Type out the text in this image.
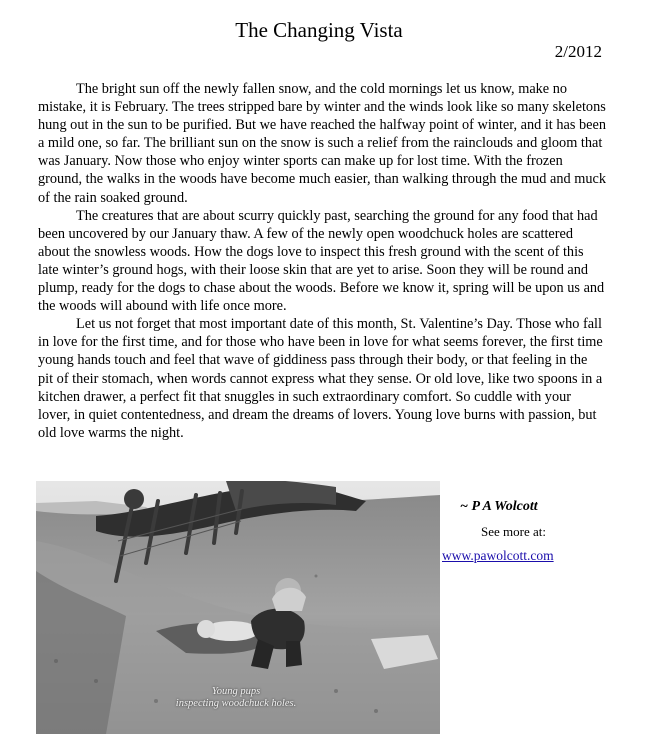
The Changing Vista
2/2012

The bright sun off the newly fallen snow, and the cold mornings let us know, make no mistake, it is February. The trees stripped bare by winter and the winds look like so many skeletons hung out in the sun to be purified. But we have reached the halfway point of winter, and it has been a mild one, so far. The brilliant sun on the snow is such a relief from the rainclouds and gloom that was January. Now those who enjoy winter sports can make up for lost time. With the frozen ground, the walks in the woods have become much easier, than walking through the mud and muck of the rain soaked ground.

The creatures that are about scurry quickly past, searching the ground for any food that had been uncovered by our January thaw. A few of the newly open woodchuck holes are scattered about the snowless woods. How the dogs love to inspect this fresh ground with the scent of this late winter’s ground hogs, with their loose skin that are yet to arise. Soon they will be round and plump, ready for the dogs to chase about the woods. Before we know it, spring will be upon us and the woods will abound with life once more.

Let us not forget that most important date of this month, St. Valentine’s Day. Those who fall in love for the first time, and for those who have been in love for what seems forever, the first time young hands touch and feel that wave of giddiness pass through their body, or that feeling in the pit of their stomach, when words cannot express what they sense. Or old love, like two spoons in a kitchen drawer, a perfect fit that snuggles in such extraordinary comfort. So cuddle with your lover, in quiet contentedness, and dream the dreams of lovers. Young love burns with passion, but old love warms the night.

Young pups
inspecting woodchuck holes.
~ P A Wolcott
See more at:
www.pawolcott.com
